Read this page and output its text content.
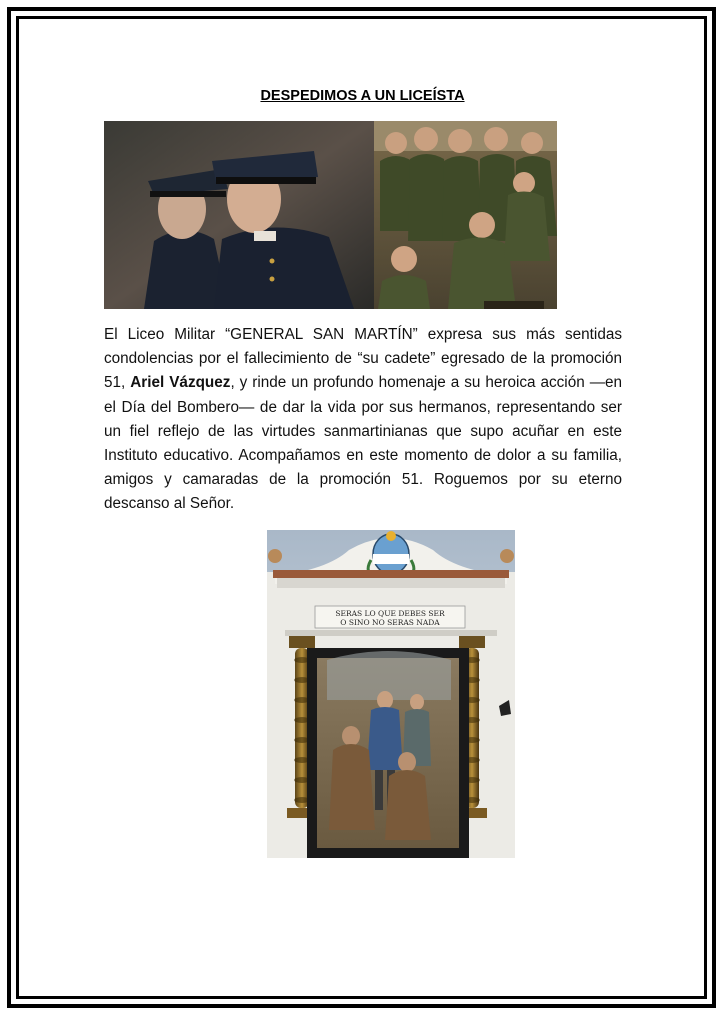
DESPEDIMOS A UN LICEÍSTA

El Liceo Militar “GENERAL SAN MARTÍN” expresa sus más sentidas condolencias por el fallecimiento de “su cadete” egresado de la promoción 51, Ariel Vázquez, y rinde un profundo homenaje a su heroica acción —en el Día del Bombero— de dar la vida por sus hermanos, representando ser un fiel reflejo de las virtudes sanmartinianas que supo acuñar en este Instituto educativo. Acompañamos en este momento de dolor a su familia, amigos y camaradas de la promoción 51. Roguemos por su eterno descanso al Señor.

SERAS LO QUE DEBES SER
O SINO NO SERAS NADA
